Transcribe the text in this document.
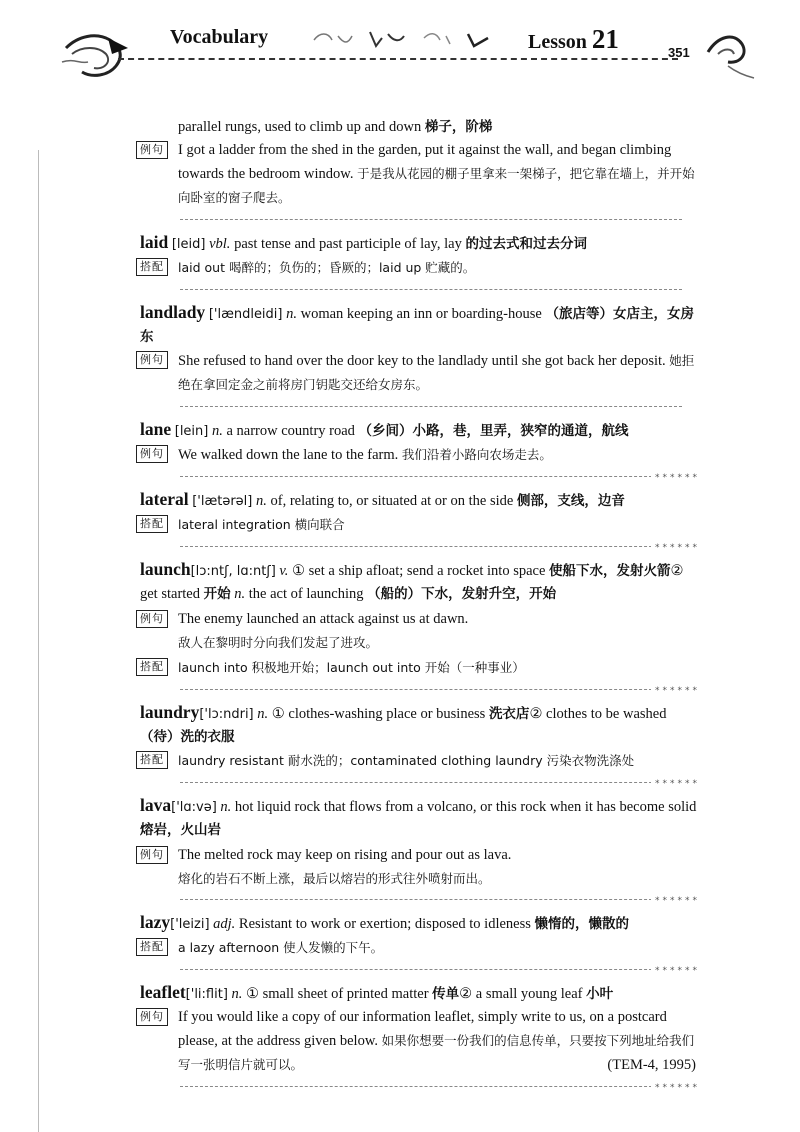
Vocabulary	Lesson 21	351
parallel rungs, used to climb up and down 梯子，阶梯
例句 I got a ladder from the shed in the garden, put it against the wall, and began climbing towards the bedroom window. 于是我从花园的棚子里拿来一架梯子，把它靠在墙上，并开始向卧室的窗子爬去。
laid [leid] vbl. past tense and past participle of lay, lay 的过去式和过去分词
搭配	laid out 喝醉的；负伤的；昏厥的；laid up 贮藏的。
landlady ['lændleidi] n. woman keeping an inn or boarding-house （旅店等）女店主，女房东
例句 She refused to hand over the door key to the landlady until she got back her deposit. 她拒绝在拿回定金之前将房门钥匙交还给女房东。
lane [lein] n. a narrow country road （乡间）小路，巷，里弄，狭窄的通道，航线
例句 We walked down the lane to the farm. 我们沿着小路向农场走去。
******
lateral ['lætərəl] n. of, relating to, or situated at or on the side 侧部，支线，边音
搭配	lateral integration 横向联合
******
launch[lɔ:ntʃ, lɑ:ntʃ] v. ① set a ship afloat; send a rocket into space 使船下水，发射火箭② get started 开始 n. the act of launching （船的）下水，发射升空，开始
例句 The enemy launched an attack against us at dawn.
敌人在黎明时分向我们发起了进攻。
搭配	launch into 积极地开始；launch out into 开始（一种事业）
******
laundry['lɔ:ndri] n. ① clothes-washing place or business 洗衣店② clothes to be washed （待）洗的衣服
搭配	laundry resistant 耐水洗的；contaminated clothing laundry 污染衣物洗涤处
******
lava['lɑ:və] n. hot liquid rock that flows from a volcano, or this rock when it has become solid 熔岩，火山岩
例句 The melted rock may keep on rising and pour out as lava.
熔化的岩石不断上涨，最后以熔岩的形式往外喷射而出。
******
lazy['leizi] adj. Resistant to work or exertion; disposed to idleness 懒惰的，懒散的
搭配	a lazy afternoon 使人发懒的下午。
******
leaflet['li:flit] n. ① small sheet of printed matter 传单② a small young leaf 小叶
例句 If you would like a copy of our information leaflet, simply write to us, on a postcard please, at the address given below. 如果你想要一份我们的信息传单，只要按下列地址给我们写一张明信片就可以。	(TEM-4, 1995)
******
